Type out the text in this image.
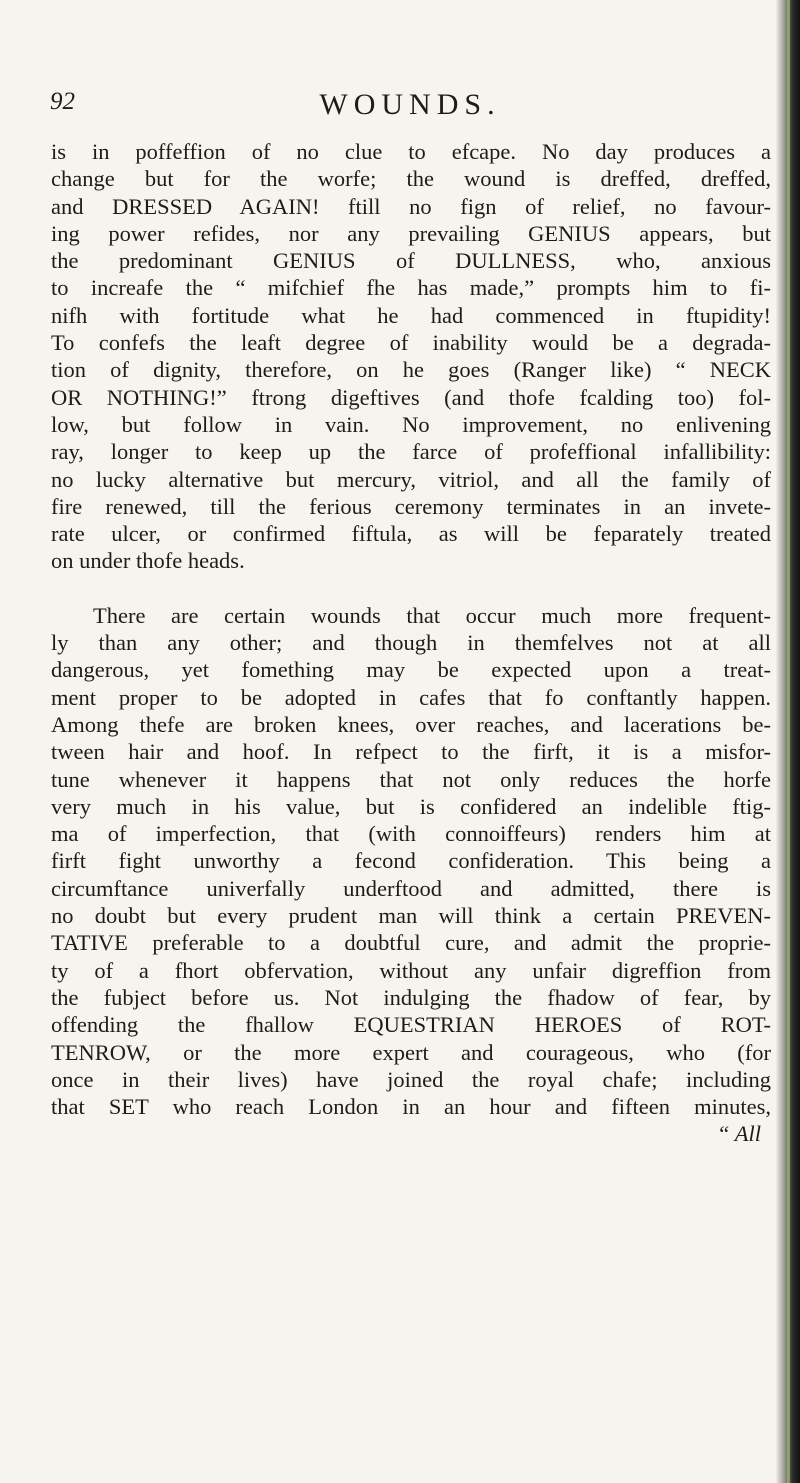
92	WOUNDS.
is in poffeffion of no clue to efcape. No day produces a
change but for the worfe; the wound is dreffed, dreffed,
and DRESSED AGAIN! ftill no fign of relief, no favour-
ing power refides, nor any prevailing GENIUS appears, but
the predominant GENIUS of DULLNESS, who, anxious
to increafe the “ mifchief fhe has made,” prompts him to fi-
nifh with fortitude what he had commenced in ftupidity!
To confefs the leaft degree of inability would be a degrada-
tion of dignity, therefore, on he goes (Ranger like) “ NECK
OR NOTHING!” ftrong digeftives (and thofe fcalding too) fol-
low, but follow in vain. No improvement, no enlivening
ray, longer to keep up the farce of profeffional infallibility:
no lucky alternative but mercury, vitriol, and all the family of
fire renewed, till the ferious ceremony terminates in an invete-
rate ulcer, or confirmed fiftula, as will be feparately treated
on under thofe heads.
There are certain wounds that occur much more frequent-
ly than any other; and though in themfelves not at all
dangerous, yet fomething may be expected upon a treat-
ment proper to be adopted in cafes that fo conftantly happen.
Among thefe are broken knees, over reaches, and lacerations be-
tween hair and hoof. In refpect to the firft, it is a misfor-
tune whenever it happens that not only reduces the horfe
very much in his value, but is confidered an indelible ftig-
ma of imperfection, that (with connoiffeurs) renders him at
firft fight unworthy a fecond confideration. This being a
circumftance univerfally underftood and admitted, there is
no doubt but every prudent man will think a certain PREVEN-
TATIVE preferable to a doubtful cure, and admit the proprie-
ty of a fhort obfervation, without any unfair digreffion from
the fubject before us. Not indulging the fhadow of fear, by
offending the fhallow EQUESTRIAN HEROES of ROT-
TENROW, or the more expert and courageous, who (for
once in their lives) have joined the royal chafe; including
that SET who reach London in an hour and fifteen minutes,
“ All
